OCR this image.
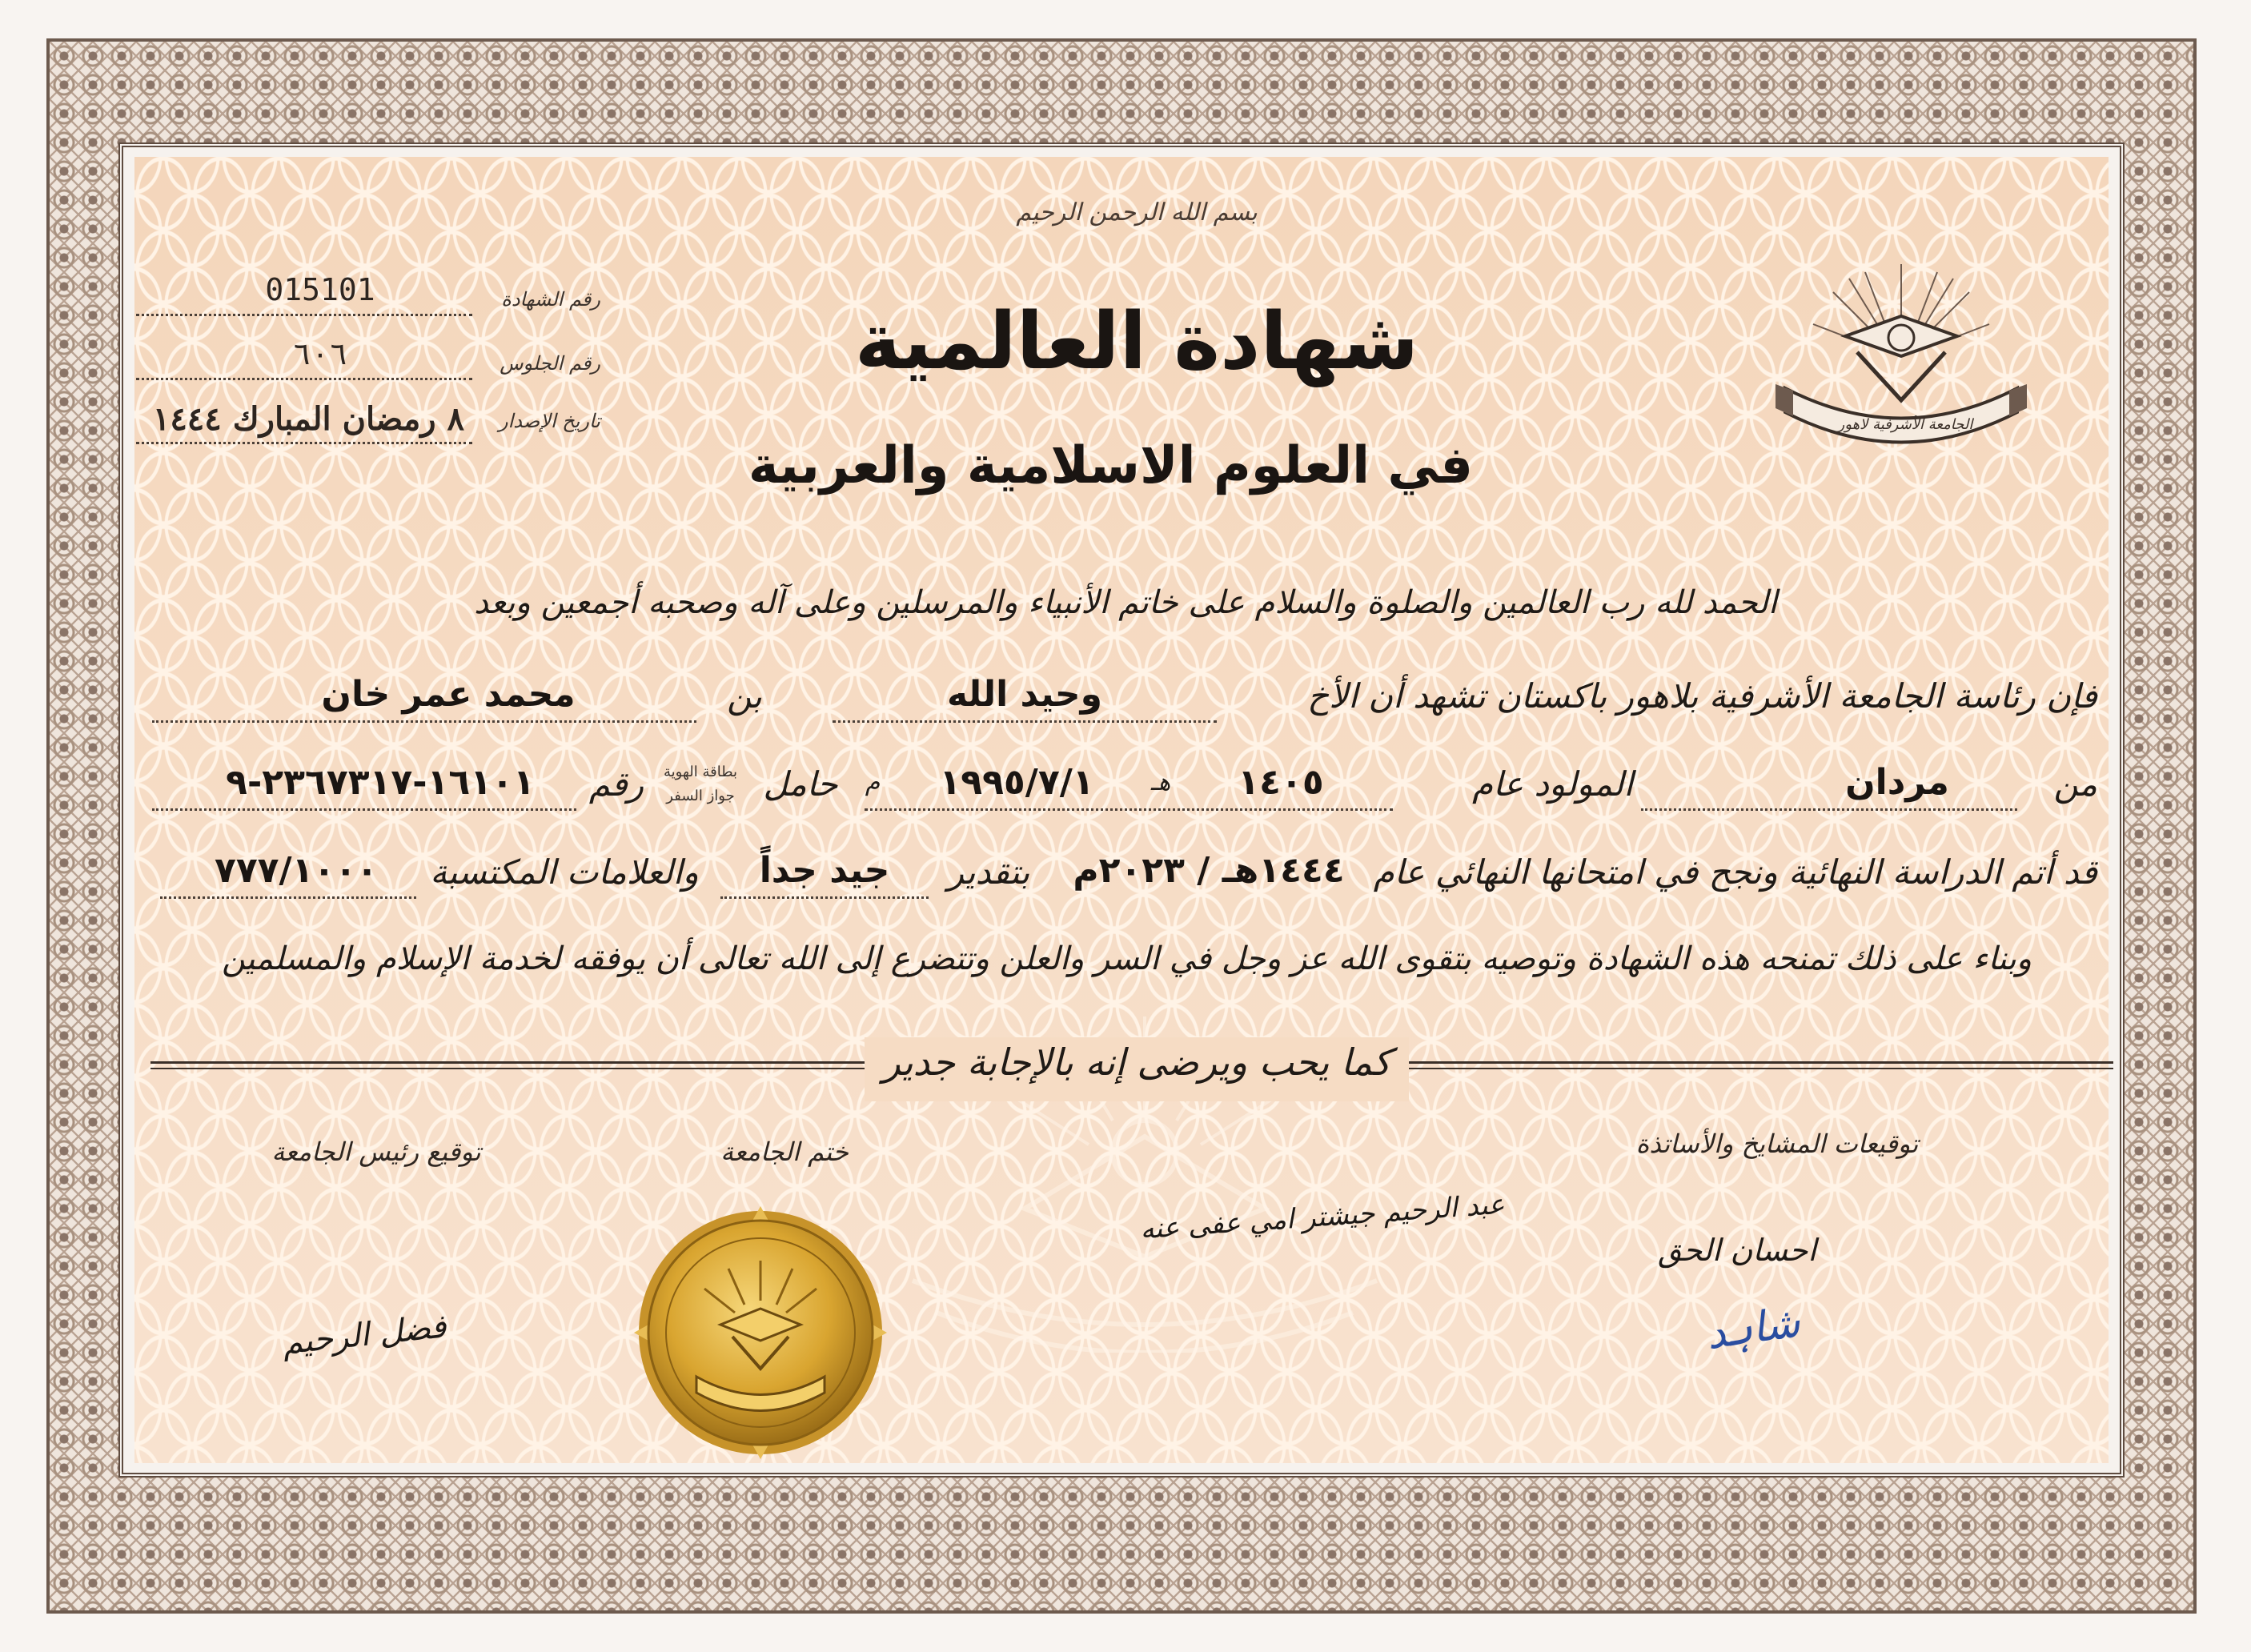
بسم الله الرحمن الرحيم
الجامعة الأشرفية لاهور
شهادة العالمية
في العلوم الاسلامية والعربية
رقم الشهادة
015101
رقم الجلوس
٦٠٦
تاريخ الإصدار
٨ رمضان المبارك ١٤٤٤
الحمد لله رب العالمين والصلوة والسلام على خاتم الأنبياء والمرسلين وعلى آله وصحبه أجمعين وبعد
فإن رئاسة الجامعة الأشرفية بلاهور باكستان تشهد أن الأخ
وحيد الله
بن
محمد عمر خان
من
مردان
المولود عام
١٤٠٥
هـ
١٩٩٥/٧/١
م
حامل
بطاقة الهوية
جواز السفر
رقم
١٦١٠١-٢٣٦٧٣١٧-٩
قد أتم الدراسة النهائية ونجح في امتحانها النهائي عام
١٤٤٤هـ / ٢٠٢٣م
بتقدير
جيد جداً
والعلامات المكتسبة
٧٧٧/١٠٠٠
وبناء على ذلك تمنحه هذه الشهادة وتوصيه بتقوى الله عز وجل في السر والعلن وتتضرع إلى الله تعالى أن يوفقه لخدمة الإسلام والمسلمين
كما يحب ويرضى إنه بالإجابة جدير
توقيع رئيس الجامعة	ختم الجامعة	توقيعات المشايخ والأساتذة
فضل الرحيم
عبد الرحيم جيشتر امي عفى عنه
احسان الحق
شاہد
